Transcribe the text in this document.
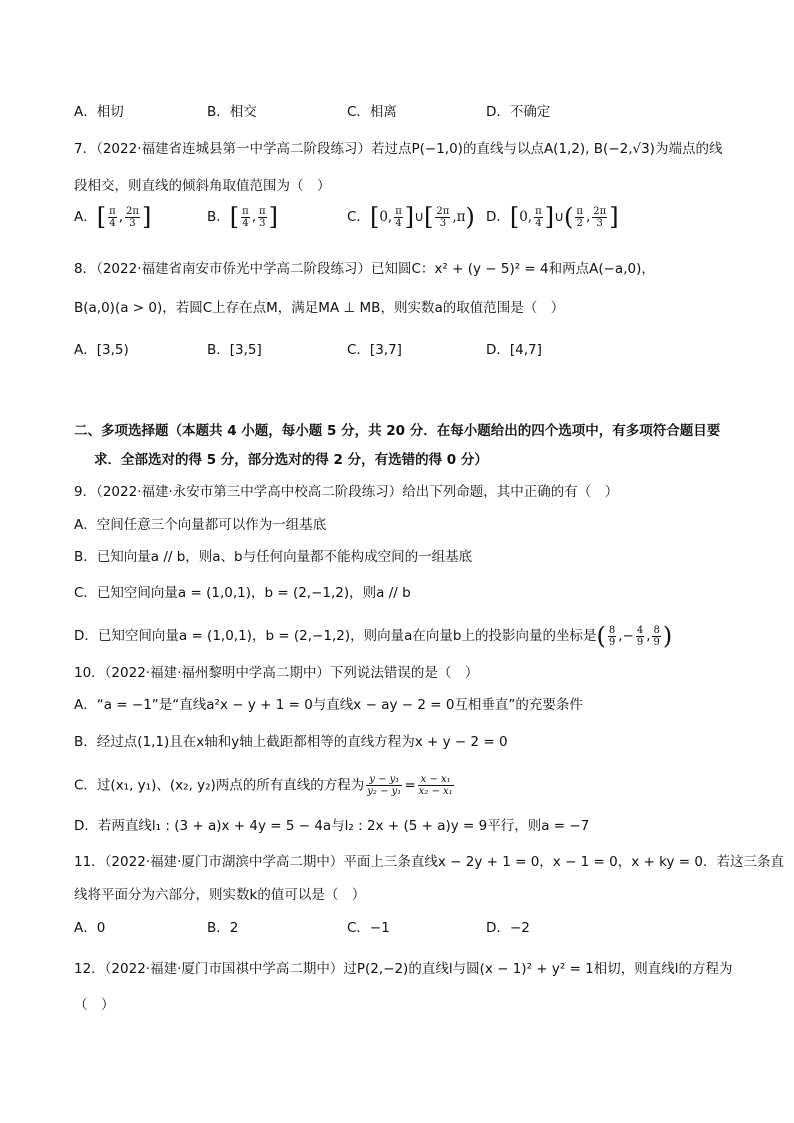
A．相切	B．相交	C．相离	D．不确定
7．（2022·福建省连城县第一中学高二阶段练习）若过点P(−1,0)的直线与以点A(1,2), B(−2,√3)为端点的线
段相交，则直线的倾斜角取值范围为（　）
A．[ $\frac{\pi}{4}$ , $\frac{2\pi}{3}$ ]	B．[ $\frac{\pi}{4}$ , $\frac{\pi}{3}$ ]	C．[0, $\frac{\pi}{4}$ ]∪[ $\frac{2\pi}{3} ,\pi$) D．[0, $\frac{\pi}{4}$ ]∪( $\frac{\pi}{2}$ , $\frac{2\pi}{3}$ ]
8．（2022·福建省南安市侨光中学高二阶段练习）已知圆C：x² + (y − 5)² = 4和两点A(−a,0)，
B(a,0)(a > 0)，若圆C上存在点M，满足MA ⊥ MB，则实数a的取值范围是（　）
A．[3,5)	B．[3,5]	C．[3,7]	D．[4,7]
二、多项选择题（本题共 4 小题，每小题 5 分，共 20 分．在每小题给出的四个选项中，有多项符合题目要
求．全部选对的得 5 分，部分选对的得 2 分，有选错的得 0 分）
9．（2022·福建·永安市第三中学高中校高二阶段练习）给出下列命题，其中正确的有（　）
A．空间任意三个向量都可以作为一组基底
B．已知向量a // b，则a、b与任何向量都不能构成空间的一组基底
C．已知空间向量a = (1,0,1)，b = (2,−1,2)，则a // b
D．已知空间向量a = (1,0,1)，b = (2,−1,2)，则向量a在向量b上的投影向量的坐标是( $\frac{8}{9}$ ,− $\frac{4}{9}$ , $\frac{8}{9}$ )
10．（2022·福建·福州黎明中学高二期中）下列说法错误的是（　）
A．“a = −1”是“直线a²x − y + 1 = 0与直线x − ay − 2 = 0互相垂直”的充要条件
B．经过点(1,1)且在x轴和y轴上截距都相等的直线方程为x + y − 2 = 0
C．过(x₁, y₁)、(x₂, y₂)两点的所有直线的方程为 $\frac{\text{y − y₁}}{\text{y₂ − y₁}} = \frac{\text{x − x₁}}{\text{x₂ − x₁}}$
D．若两直线l₁ : (3 + a)x + 4y = 5 − 4a与l₂ : 2x + (5 + a)y = 9平行，则a = −7
11．（2022·福建·厦门市湖滨中学高二期中）平面上三条直线x − 2y + 1 = 0，x − 1 = 0，x + ky = 0．若这三条直
线将平面分为六部分，则实数k的值可以是（　）
A．0	B．2	C．−1	D．−2
12．（2022·福建·厦门市国祺中学高二期中）过P(2,−2)的直线l与圆(x − 1)² + y² = 1相切，则直线l的方程为
（　）
